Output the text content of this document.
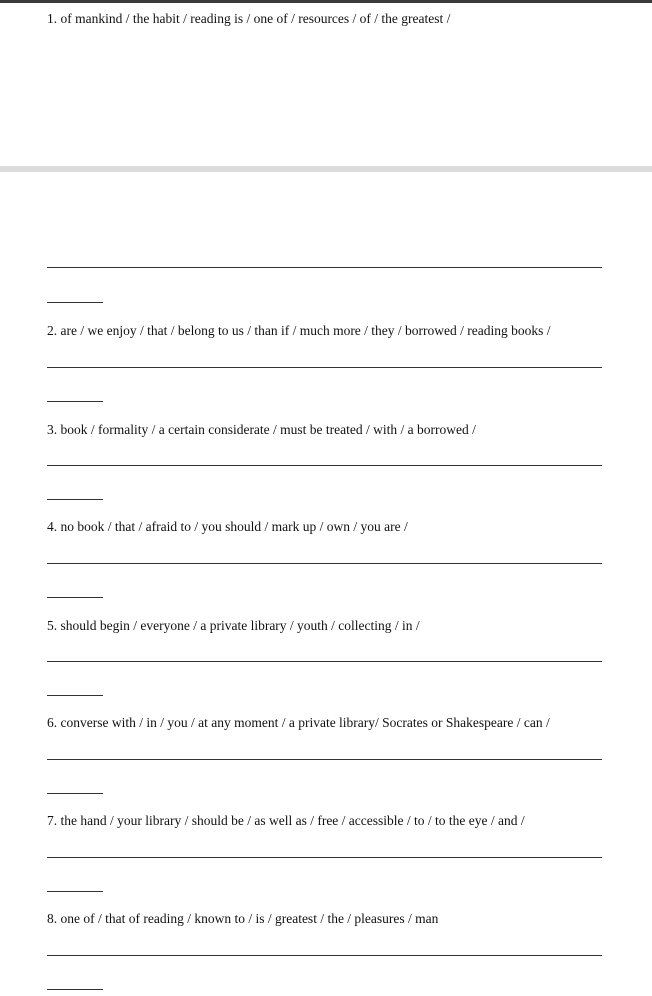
1. of mankind / the habit / reading is / one of / resources / of / the greatest /
2. are / we enjoy / that / belong to us / than if / much more / they / borrowed / reading books /
3. book / formality / a certain considerate / must be treated / with / a borrowed /
4. no book / that / afraid to / you should / mark up / own / you are /
5. should begin / everyone / a private library / youth / collecting / in /
6. converse with / in / you / at any moment / a private library/ Socrates or Shakespeare / can /
7. the hand / your library / should be / as well as / free / accessible / to / to the eye / and /
8. one of / that of reading / known to / is / greatest / the / pleasures / man
